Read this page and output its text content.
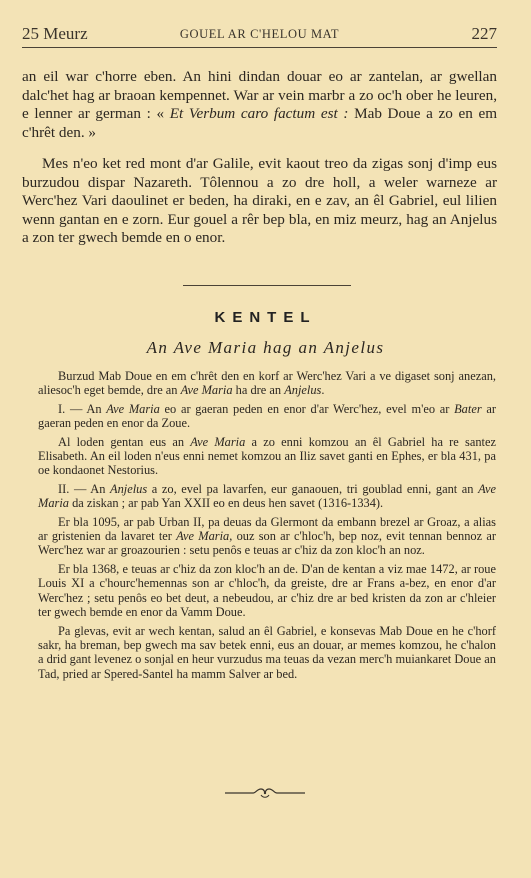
25 Meurz	GOUEL AR C'HELOU MAT	227
an eil war c'horre eben. An hini dindan douar eo ar zantelan, ar gwellan dalc'het hag ar braoan kempennet. War ar vein marbr a zo oc'h ober he leuren, e lenner ar german : « Et Verbum caro factum est : Mab Doue a zo en em c'hrêt den. »
Mes n'eo ket red mont d'ar Galile, evit kaout treo da zigas sonj d'imp eus burzudou dispar Nazareth. Tôlennou a zo dre holl, a weler warneze ar Werc'hez Vari daoulinet er beden, ha diraki, en e zav, an êl Gabriel, eul lilien wenn gantan en e zorn. Eur gouel a rêr bep bla, en miz meurz, hag an Anjelus a zon ter gwech bemde en o enor.
KENTEL
An Ave Maria hag an Anjelus

Burzud Mab Doue en em c'hrêt den en korf ar Werc'hez Vari a ve digaset sonj anezan, aliesoc'h eget bemde, dre an Ave Maria ha dre an Anjelus.

I. — An Ave Maria eo ar gaeran peden en enor d'ar Werc'hez, evel m'eo ar Bater ar gaeran peden en enor da Zoue.

Al loden gentan eus an Ave Maria a zo enni komzou an êl Gabriel ha re santez Elisabeth. An eil loden n'eus enni nemet komzou an Iliz savet ganti en Ephes, er bla 431, pa oe kondaonet Nestorius.

II. — An Anjelus a zo, evel pa lavarfen, eur ganaouen, tri goublad enni, gant an Ave Maria da ziskan ; ar pab Yan XXII eo en deus hen savet (1316-1334).

Er bla 1095, ar pab Urban II, pa deuas da Glermont da embann brezel ar Groaz, a alias ar gristenien da lavaret ter Ave Maria, ouz son ar c'hloc'h, bep noz, evit tennan bennoz ar Werc'hez war ar groazourien : setu penôs e teuas ar c'hiz da zon kloc'h an noz.

Er bla 1368, e teuas ar c'hiz da zon kloc'h an de. D'an de kentan a viz mae 1472, ar roue Louis XI a c'hourc'hemennas son ar c'hloc'h, da greiste, dre ar Frans a-bez, en enor d'ar Werc'hez ; setu penôs eo bet deut, a nebeudou, ar c'hiz dre ar bed kristen da zon ar c'hleier ter gwech bemde en enor da Vamm Doue.

Pa glevas, evit ar wech kentan, salud an êl Gabriel, e konsevas Mab Doue en he c'horf sakr, ha breman, bep gwech ma sav betek enni, eus an douar, ar memes komzou, he c'halon a drid gant levenez o sonjal en heur vurzudus ma teuas da vezan merc'h muiankaret Doue an Tad, pried ar Spered-Santel ha mamm Salver ar bed.
